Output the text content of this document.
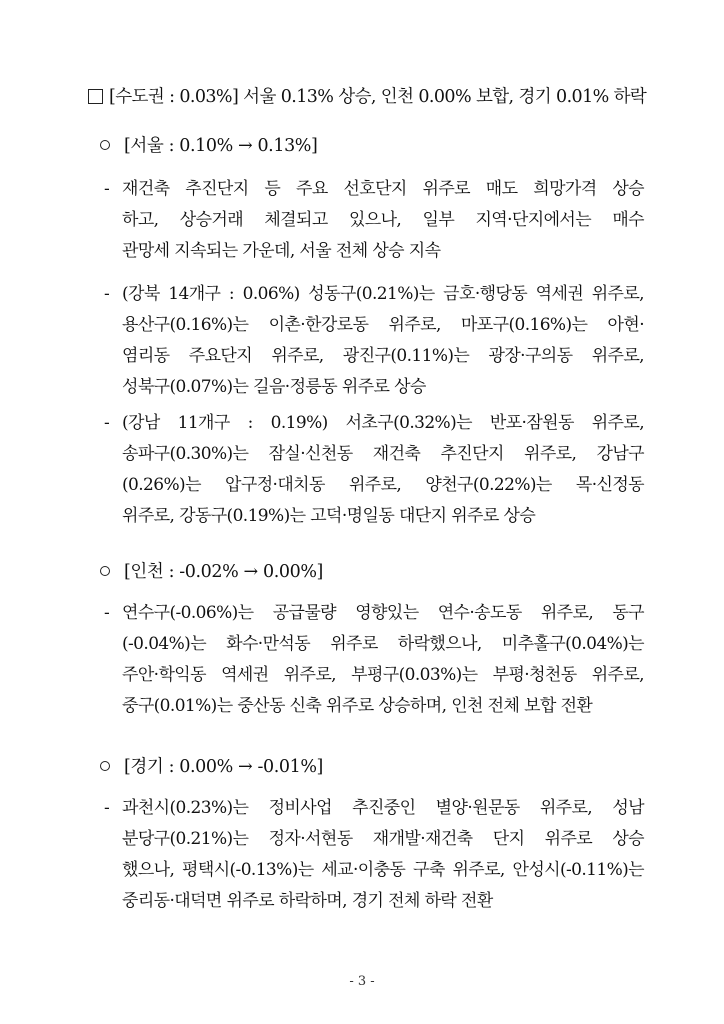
[수도권 : 0.03%] 서울 0.13% 상승, 인천 0.00% 보합, 경기 0.01% 하락
[서울 : 0.10% → 0.13%]
- 재건축 추진단지 등 주요 선호단지 위주로 매도 희망가격 상승
하고, 상승거래 체결되고 있으나, 일부 지역·단지에서는 매수
관망세 지속되는 가운데, 서울 전체 상승 지속
- (강북 14개구 : 0.06%) 성동구(0.21%)는 금호·행당동 역세권 위주로,
용산구(0.16%)는 이촌·한강로동 위주로, 마포구(0.16%)는 아현·
염리동 주요단지 위주로, 광진구(0.11%)는 광장·구의동 위주로,
성북구(0.07%)는 길음·정릉동 위주로 상승
- (강남 11개구 : 0.19%) 서초구(0.32%)는 반포·잠원동 위주로,
송파구(0.30%)는 잠실·신천동 재건축 추진단지 위주로, 강남구
(0.26%)는 압구정·대치동 위주로, 양천구(0.22%)는 목·신정동
위주로, 강동구(0.19%)는 고덕·명일동 대단지 위주로 상승
[인천 : -0.02% → 0.00%]
- 연수구(-0.06%)는 공급물량 영향있는 연수·송도동 위주로, 동구
(-0.04%)는 화수·만석동 위주로 하락했으나, 미추홀구(0.04%)는
주안·학익동 역세권 위주로, 부평구(0.03%)는 부평·청천동 위주로,
중구(0.01%)는 중산동 신축 위주로 상승하며, 인천 전체 보합 전환
[경기 : 0.00% → -0.01%]
- 과천시(0.23%)는 정비사업 추진중인 별양·원문동 위주로, 성남
분당구(0.21%)는 정자·서현동 재개발·재건축 단지 위주로 상승
했으나, 평택시(-0.13%)는 세교·이충동 구축 위주로, 안성시(-0.11%)는
중리동·대덕면 위주로 하락하며, 경기 전체 하락 전환
- 3 -
